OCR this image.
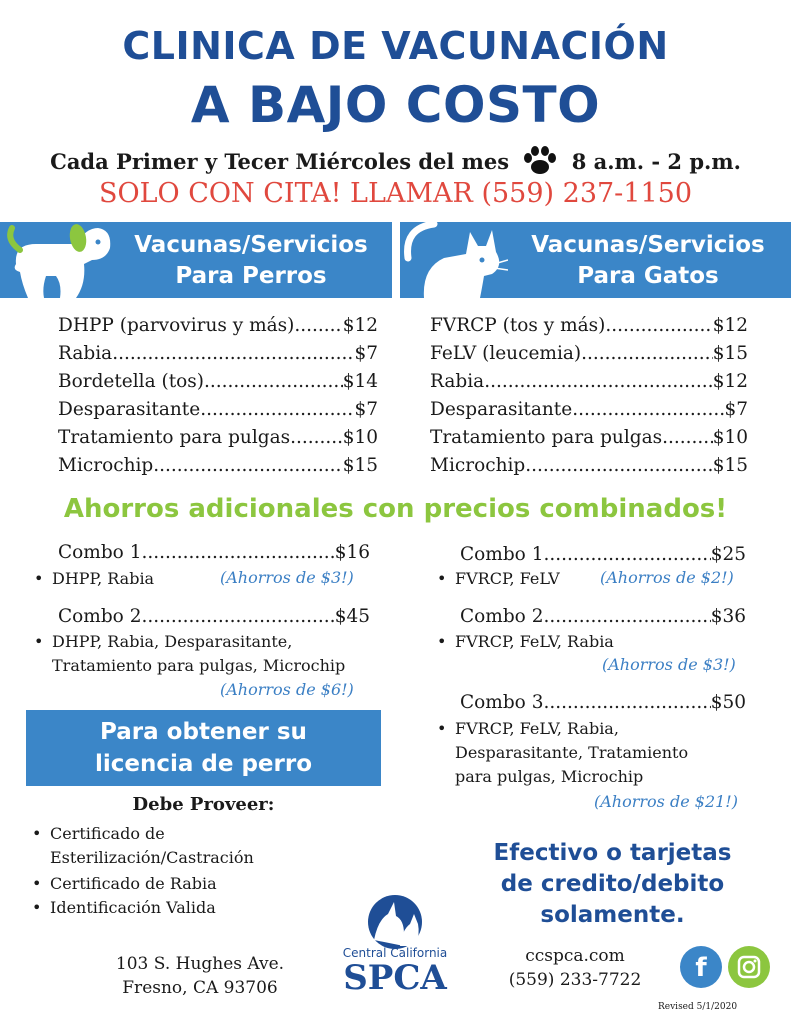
CLINICA DE VACUNACIÓN
A BAJO COSTO
Cada Primer y Tecer Miércoles del mes	8 a.m. - 2 p.m.
SOLO CON CITA! LLAMAR (559) 237-1150
Vacunas/Servicios
Para Perros
Vacunas/Servicios
Para Gatos
DHPP (parvovirus y más) .....	$12
Rabia .....	$7
Bordetella (tos) .....	$14
Desparasitante .....	$7
Tratamiento para pulgas .....	$10
Microchip .....	$15
FVRCP (tos y más) .....	$12
FeLV (leucemia) .....	$15
Rabia .....	$12
Desparasitante .....	$7
Tratamiento para pulgas .....	$10
Microchip .....	$15
Ahorros adicionales con precios combinados!
Combo 1 .....	$16
• DHPP, Rabia	(Ahorros de $3!)
Combo 2 .....	$45
• DHPP, Rabia, Desparasitante,
Tratamiento para pulgas, Microchip
(Ahorros de $6!)
Combo 1 .....	$25
• FVRCP, FeLV	(Ahorros de $2!)
Combo 2 .....	$36
• FVRCP, FeLV, Rabia
(Ahorros de $3!)
Combo 3 .....	$50
• FVRCP, FeLV, Rabia,
Desparasitante, Tratamiento
para pulgas, Microchip
(Ahorros de $21!)
Para obtener su
licencia de perro
Debe Proveer:
• Certificado de
Esterilización/Castración
• Certificado de Rabia
• Identificación Valida
Efectivo o tarjetas
de credito/debito
solamente.
103 S. Hughes Ave.
Fresno, CA 93706
Central California
SPCA
ccspca.com
(559) 233-7722	f
Revised 5/1/2020
